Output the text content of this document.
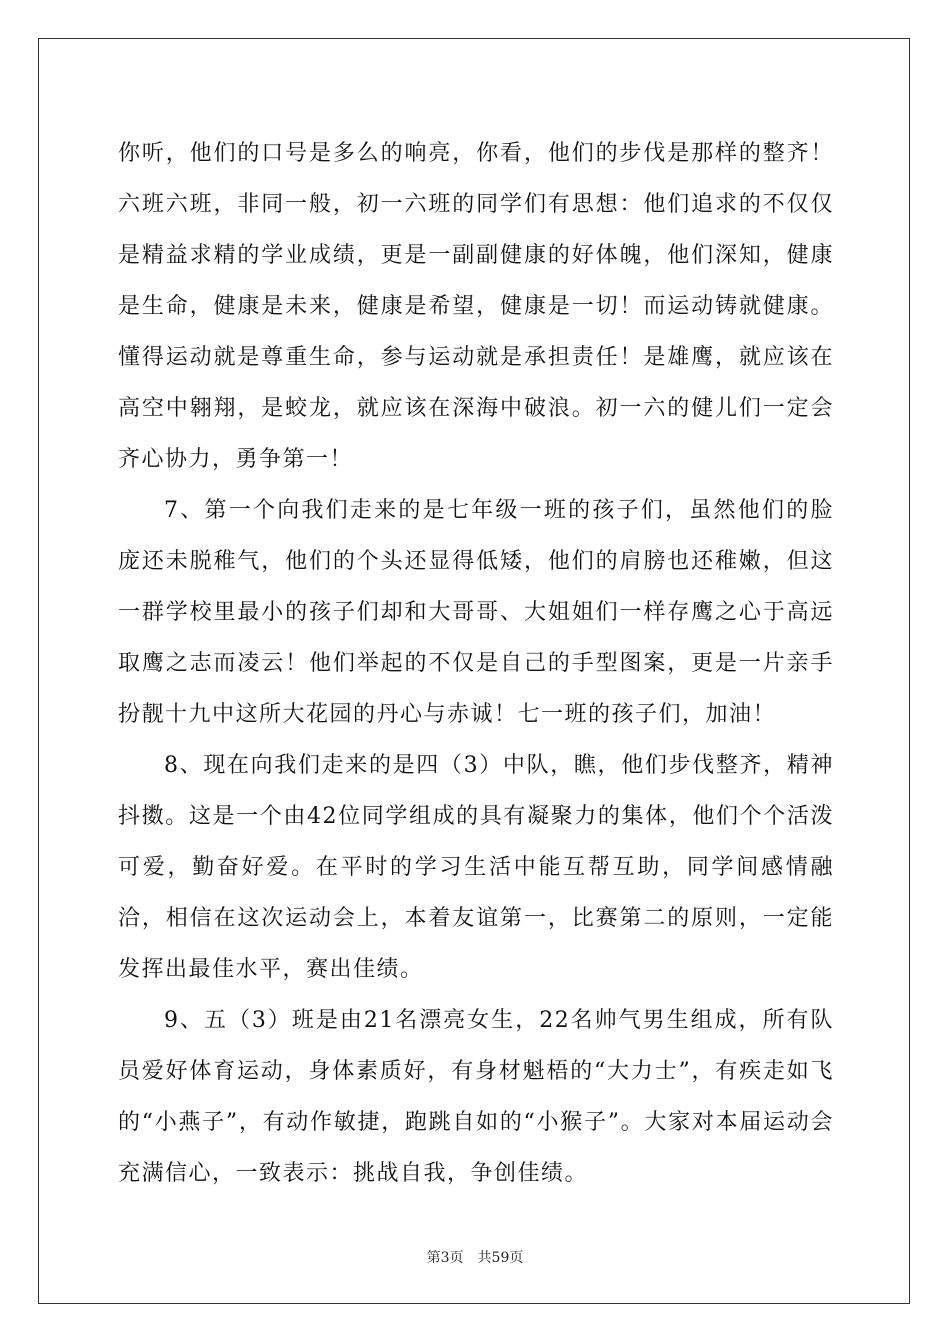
你听，他们的口号是多么的响亮，你看，他们的步伐是那样的整齐！六班六班，非同一般，初一六班的同学们有思想：他们追求的不仅仅是精益求精的学业成绩，更是一副副健康的好体魄，他们深知，健康是生命，健康是未来，健康是希望，健康是一切！而运动铸就健康。懂得运动就是尊重生命，参与运动就是承担责任！是雄鹰，就应该在高空中翱翔，是蛟龙，就应该在深海中破浪。初一六的健儿们一定会齐心协力，勇争第一！

7、第一个向我们走来的是七年级一班的孩子们，虽然他们的脸庞还未脱稚气，他们的个头还显得低矮，他们的肩膀也还稚嫩，但这一群学校里最小的孩子们却和大哥哥、大姐姐们一样存鹰之心于高远取鹰之志而凌云！他们举起的不仅是自己的手型图案，更是一片亲手扮靓十九中这所大花园的丹心与赤诚！七一班的孩子们，加油！

8、现在向我们走来的是四（3）中队，瞧，他们步伐整齐，精神抖擞。这是一个由42位同学组成的具有凝聚力的集体，他们个个活泼可爱，勤奋好爱。在平时的学习生活中能互帮互助，同学间感情融洽，相信在这次运动会上，本着友谊第一，比赛第二的原则，一定能发挥出最佳水平，赛出佳绩。

9、五（3）班是由21名漂亮女生，22名帅气男生组成，所有队员爱好体育运动，身体素质好，有身材魁梧的“大力士”，有疾走如飞的“小燕子”，有动作敏捷，跑跳自如的“小猴子”。大家对本届运动会充满信心，一致表示：挑战自我，争创佳绩。

第3页 共59页
